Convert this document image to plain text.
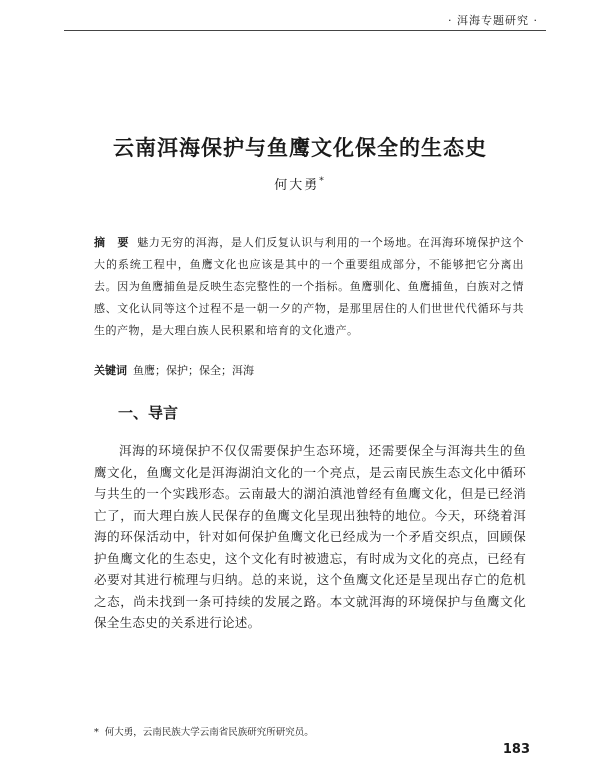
· 洱海专题研究 ·
云南洱海保护与鱼鹰文化保全的生态史
何大勇*
摘　要 魅力无穷的洱海，是人们反复认识与利用的一个场地。在洱海环境保护这个大的系统工程中，鱼鹰文化也应该是其中的一个重要组成部分，不能够把它分离出去。因为鱼鹰捕鱼是反映生态完整性的一个指标。鱼鹰驯化、鱼鹰捕鱼，白族对之情感、文化认同等这个过程不是一朝一夕的产物，是那里居住的人们世世代代循环与共生的产物，是大理白族人民积累和培育的文化遗产。
关键词 鱼鹰；保护；保全；洱海
一、导言
洱海的环境保护不仅仅需要保护生态环境，还需要保全与洱海共生的鱼鹰文化，鱼鹰文化是洱海湖泊文化的一个亮点，是云南民族生态文化中循环与共生的一个实践形态。云南最大的湖泊滇池曾经有鱼鹰文化，但是已经消亡了，而大理白族人民保存的鱼鹰文化呈现出独特的地位。今天，环绕着洱海的环保活动中，针对如何保护鱼鹰文化已经成为一个矛盾交织点，回顾保护鱼鹰文化的生态史，这个文化有时被遗忘，有时成为文化的亮点，已经有必要对其进行梳理与归纳。总的来说，这个鱼鹰文化还是呈现出存亡的危机之态，尚未找到一条可持续的发展之路。本文就洱海的环境保护与鱼鹰文化保全生态史的关系进行论述。
* 何大勇，云南民族大学云南省民族研究所研究员。
183
